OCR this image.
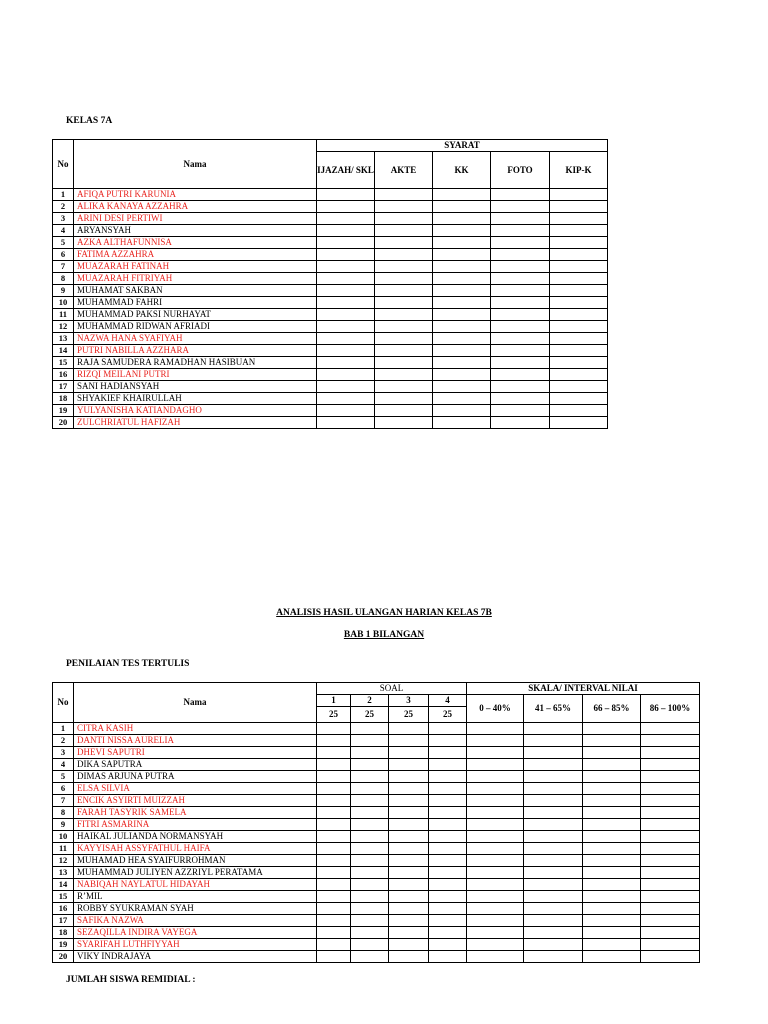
KELAS 7A
No	Nama	SYARAT				
		IJAZAH/ SKL	AKTE	KK	FOTO	KIP-K
1	AFIQA PUTRI KARUNIA					
2	ALIKA KANAYA AZZAHRA					
3	ARINI DESI PERTIWI					
4	ARYANSYAH					
5	AZKA ALTHAFUNNISA					
6	FATIMA AZZAHRA					
7	MUAZARAH FATINAH					
8	MUAZARAH FITRIYAH					
9	MUHAMAT SAKBAN					
10	MUHAMMAD FAHRI					
11	MUHAMMAD PAKSI NURHAYAT					
12	MUHAMMAD RIDWAN AFRIADI					
13	NAZWA HANA SYAFIYAH					
14	PUTRI NABILLA AZZHARA					
15	RAJA SAMUDERA RAMADHAN HASIBUAN					
16	RIZQI MEILANI PUTRI					
17	SANI HADIANSYAH					
18	SHYAKIEF KHAIRULLAH					
19	YULYANISHA KATIANDAGHO					
20	ZULCHRIATUL HAFIZAH					
ANALISIS HASIL ULANGAN HARIAN KELAS 7B
BAB 1 BILANGAN
PENILAIAN TES TERTULIS
No	Nama	SOAL				SKALA/ INTERVAL NILAI			
		1	2	3	4	0 – 40%	41 – 65%	66 – 85%	86 – 100%
		25	25	25	25				
1	CITRA KASIH								
2	DANTI NISSA AURELIA								
3	DHEVI SAPUTRI								
4	DIKA SAPUTRA								
5	DIMAS ARJUNA PUTRA								
6	ELSA SILVIA								
7	ENCIK ASYIRTI MUIZZAH								
8	FARAH TASYRIK SAMELA								
9	FITRI ASMARINA								
10	HAIKAL JULIANDA NORMANSYAH								
11	KAYYISAH ASSYFATHUL HAIFA								
12	MUHAMAD HEA SYAIFURROHMAN								
13	MUHAMMAD JULIYEN AZZRIYL PERATAMA								
14	NABIQAH NAYLATUL HIDAYAH								
15	R’MIL								
16	ROBBY SYUKRAMAN SYAH								
17	SAFIKA NAZWA								
18	SEZAQILLA INDIRA VAYEGA								
19	SYARIFAH LUTHFIYYAH								
20	VIKY INDRAJAYA								
JUMLAH SISWA REMIDIAL :
